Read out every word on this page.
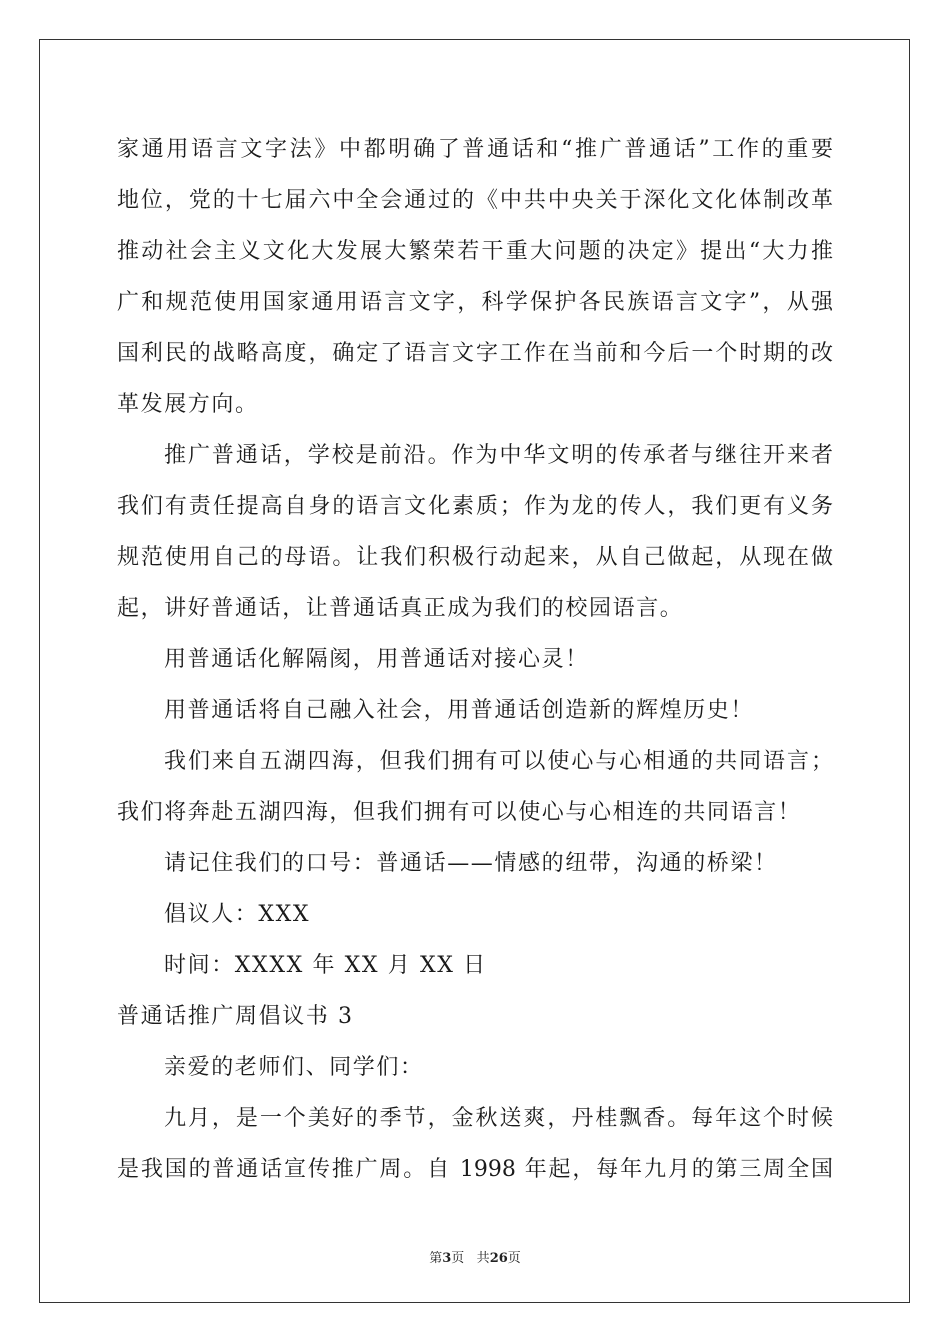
家通用语言文字法》中都明确了普通话和“推广普通话”工作的重要
地位，党的十七届六中全会通过的《中共中央关于深化文化体制改革
推动社会主义文化大发展大繁荣若干重大问题的决定》提出“大力推
广和规范使用国家通用语言文字，科学保护各民族语言文字”，从强
国利民的战略高度，确定了语言文字工作在当前和今后一个时期的改
革发展方向。
推广普通话，学校是前沿。作为中华文明的传承者与继往开来者
我们有责任提高自身的语言文化素质；作为龙的传人，我们更有义务
规范使用自己的母语。让我们积极行动起来，从自己做起，从现在做
起，讲好普通话，让普通话真正成为我们的校园语言。
用普通话化解隔阂，用普通话对接心灵！
用普通话将自己融入社会，用普通话创造新的辉煌历史！
我们来自五湖四海，但我们拥有可以使心与心相通的共同语言；
我们将奔赴五湖四海，但我们拥有可以使心与心相连的共同语言！
请记住我们的口号：普通话——情感的纽带，沟通的桥梁！
倡议人：XXX
时间：XXXX 年 XX 月 XX 日
普通话推广周倡议书 3
亲爱的老师们、同学们：
九月，是一个美好的季节，金秋送爽，丹桂飘香。每年这个时候
是我国的普通话宣传推广周。自 1998 年起，每年九月的第三周全国
第3页 共26页
